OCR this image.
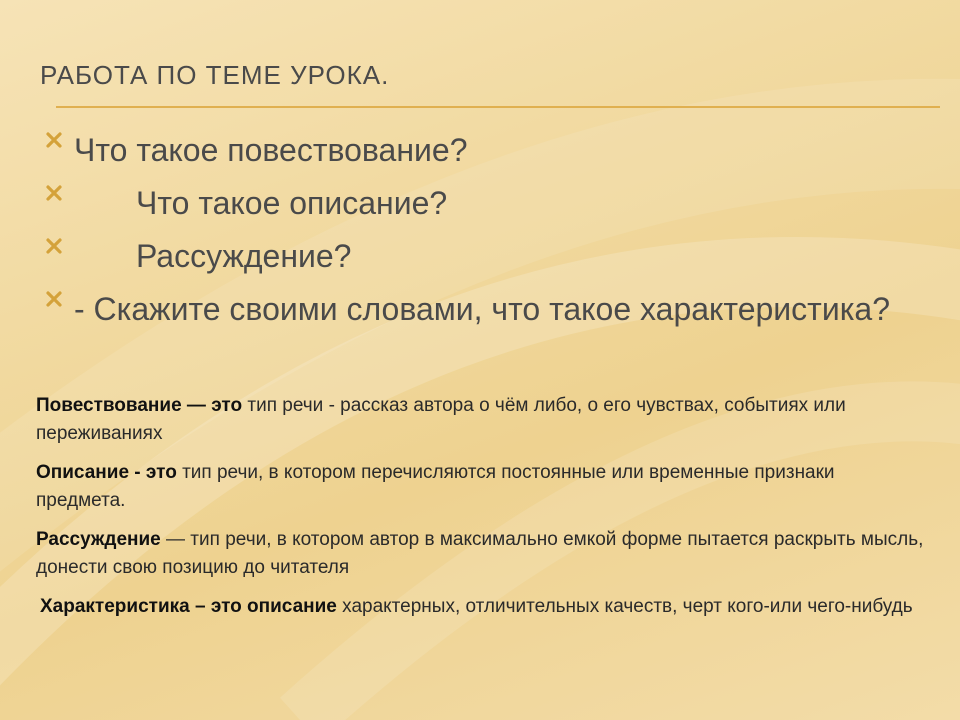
РАБОТА ПО ТЕМЕ УРОКА.
Что такое повествование?
Что такое описание?
Рассуждение?
- Скажите своими словами, что такое характеристика?

Повествование — это тип речи - рассказ автора о чём либо, о его чувствах, событиях или переживаниях

Описание - это тип речи, в котором перечисляются постоянные или временные признаки предмета.

Рассуждение — тип речи, в котором автор в максимально емкой форме пытается раскрыть мысль, донести свою позицию до читателя

Характеристика – это описание характерных, отличительных качеств, черт кого-или чего-нибудь
